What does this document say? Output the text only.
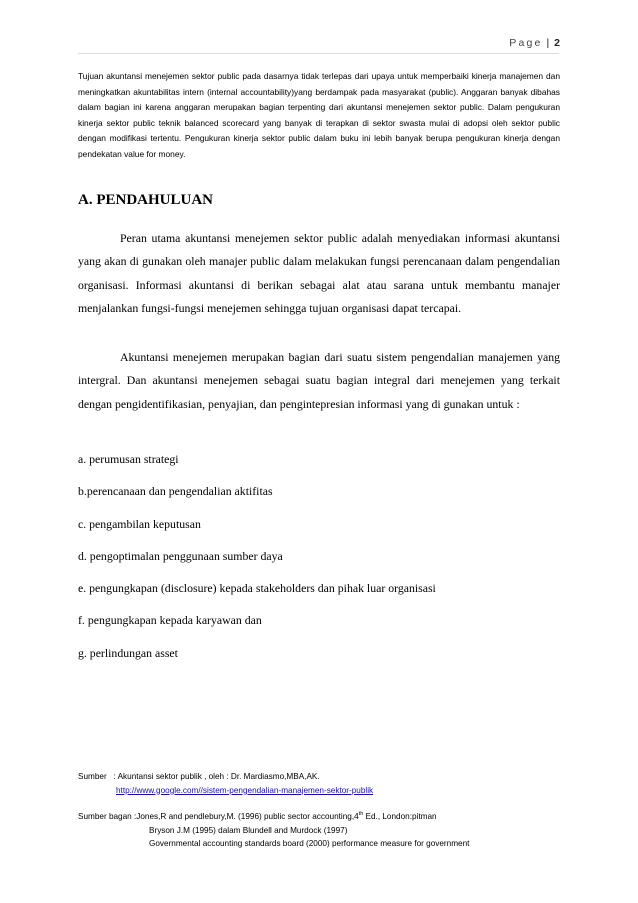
Page | 2

Tujuan akuntansi menejemen sektor public pada dasarnya tidak terlepas dari upaya untuk memperbaiki kinerja manajemen dan meningkatkan akuntabilitas intern (internal accountability)yang berdampak pada masyarakat (public). Anggaran banyak dibahas dalam bagian ini karena anggaran merupakan bagian terpenting dari akuntansi menejemen sektor public. Dalam pengukuran kinerja sektor public teknik balanced scorecard yang banyak di terapkan di sektor swasta mulai di adopsi oleh sektor public dengan modifikasi tertentu. Pengukuran kinerja sektor public dalam buku ini lebih banyak berupa pengukuran kinerja dengan pendekatan value for money.

A. PENDAHULUAN

Peran utama akuntansi menejemen sektor public adalah menyediakan informasi akuntansi yang akan di gunakan oleh manajer public dalam melakukan fungsi perencanaan dalam pengendalian organisasi. Informasi akuntansi di berikan sebagai alat atau sarana untuk membantu manajer menjalankan fungsi-fungsi menejemen sehingga tujuan organisasi dapat tercapai.

Akuntansi menejemen merupakan bagian dari suatu sistem pengendalian manajemen yang intergral. Dan akuntansi menejemen sebagai suatu bagian integral dari menejemen yang terkait dengan pengidentifikasian, penyajian, dan pengintepresian informasi yang di gunakan untuk :

a. perumusan strategi
b.perencanaan dan pengendalian aktifitas
c. pengambilan keputusan
d. pengoptimalan penggunaan sumber daya
e. pengungkapan (disclosure) kepada stakeholders dan pihak luar organisasi
f. pengungkapan kepada karyawan dan
g. perlindungan asset
Sumber : Akuntansi sektor publik , oleh : Dr. Mardiasmo,MBA,AK.
http://www.google.com//sistem-pengendalian-manajemen-sektor-publik
Sumber bagan :Jones,R and pendlebury,M. (1996) public sector accounting,4th Ed., London:pitman
Bryson J.M (1995) dalam Blundell and Murdock (1997)
Governmental accounting standards board (2000) performance measure for government
